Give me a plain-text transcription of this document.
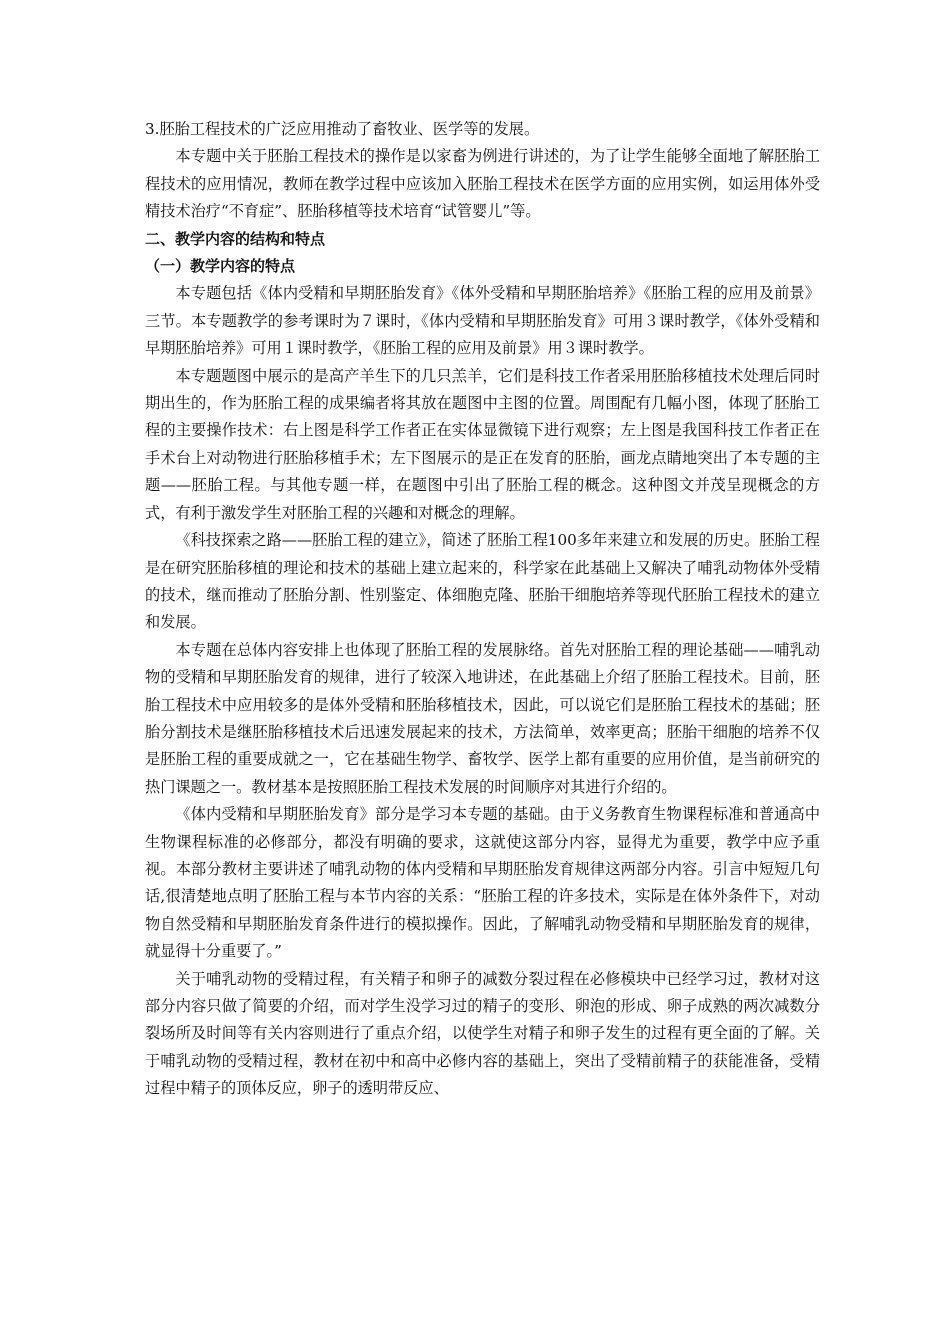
3.胚胎工程技术的广泛应用推动了畜牧业、医学等的发展。

本专题中关于胚胎工程技术的操作是以家畜为例进行讲述的，为了让学生能够全面地了解胚胎工程技术的应用情况，教师在教学过程中应该加入胚胎工程技术在医学方面的应用实例，如运用体外受精技术治疗“不育症”、胚胎移植等技术培育“试管婴儿”等。

二、教学内容的结构和特点

（一）教学内容的特点

本专题包括《体内受精和早期胚胎发育》《体外受精和早期胚胎培养》《胚胎工程的应用及前景》三节。本专题教学的参考课时为７课时，《体内受精和早期胚胎发育》可用３课时教学，《体外受精和早期胚胎培养》可用１课时教学，《胚胎工程的应用及前景》用３课时教学。

本专题题图中展示的是高产羊生下的几只羔羊，它们是科技工作者采用胚胎移植技术处理后同时期出生的，作为胚胎工程的成果编者将其放在题图中主图的位置。周围配有几幅小图，体现了胚胎工程的主要操作技术：右上图是科学工作者正在实体显微镜下进行观察；左上图是我国科技工作者正在手术台上对动物进行胚胎移植手术；左下图展示的是正在发育的胚胎，画龙点睛地突出了本专题的主题——胚胎工程。与其他专题一样，在题图中引出了胚胎工程的概念。这种图文并茂呈现概念的方式，有利于激发学生对胚胎工程的兴趣和对概念的理解。

《科技探索之路——胚胎工程的建立》，简述了胚胎工程100多年来建立和发展的历史。胚胎工程是在研究胚胎移植的理论和技术的基础上建立起来的，科学家在此基础上又解决了哺乳动物体外受精的技术，继而推动了胚胎分割、性别鉴定、体细胞克隆、胚胎干细胞培养等现代胚胎工程技术的建立和发展。

本专题在总体内容安排上也体现了胚胎工程的发展脉络。首先对胚胎工程的理论基础——哺乳动物的受精和早期胚胎发育的规律，进行了较深入地讲述，在此基础上介绍了胚胎工程技术。目前，胚胎工程技术中应用较多的是体外受精和胚胎移植技术，因此，可以说它们是胚胎工程技术的基础；胚胎分割技术是继胚胎移植技术后迅速发展起来的技术，方法简单，效率更高；胚胎干细胞的培养不仅是胚胎工程的重要成就之一，它在基础生物学、畜牧学、医学上都有重要的应用价值，是当前研究的热门课题之一。教材基本是按照胚胎工程技术发展的时间顺序对其进行介绍的。

《体内受精和早期胚胎发育》部分是学习本专题的基础。由于义务教育生物课程标准和普通高中生物课程标准的必修部分，都没有明确的要求，这就使这部分内容，显得尤为重要，教学中应予重视。本部分教材主要讲述了哺乳动物的体内受精和早期胚胎发育规律这两部分内容。引言中短短几句话,很清楚地点明了胚胎工程与本节内容的关系：“胚胎工程的许多技术，实际是在体外条件下，对动物自然受精和早期胚胎发育条件进行的模拟操作。因此，了解哺乳动物受精和早期胚胎发育的规律，就显得十分重要了。”

关于哺乳动物的受精过程，有关精子和卵子的减数分裂过程在必修模块中已经学习过，教材对这部分内容只做了简要的介绍，而对学生没学习过的精子的变形、卵泡的形成、卵子成熟的两次减数分裂场所及时间等有关内容则进行了重点介绍，以使学生对精子和卵子发生的过程有更全面的了解。关于哺乳动物的受精过程，教材在初中和高中必修内容的基础上，突出了受精前精子的获能准备，受精过程中精子的顶体反应，卵子的透明带反应、
